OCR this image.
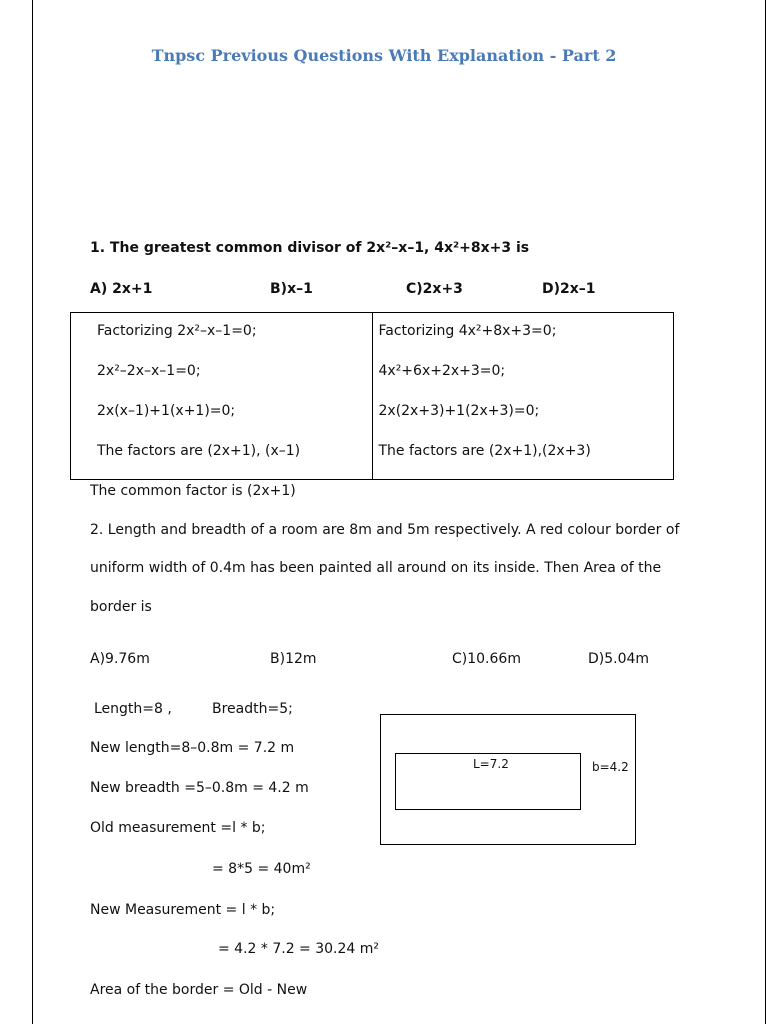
Tnpsc Previous Questions With Explanation - Part 2
1. The greatest common divisor of 2x²–x–1, 4x²+8x+3 is
A) 2x+1	B)x–1	C)2x+3	D)2x–1
Factorizing 2x²–x–1=0;
2x²–2x–x–1=0;
2x(x–1)+1(x+1)=0;
The factors are (2x+1), (x–1)

Factorizing 4x²+8x+3=0;
4x²+6x+2x+3=0;
2x(2x+3)+1(2x+3)=0;
The factors are (2x+1),(2x+3)
The common factor is (2x+1)
2. Length and breadth of a room are 8m and 5m respectively. A red colour border of
uniform width of 0.4m has been painted all around on its inside. Then Area of the
border is
A)9.76m	B)12m	C)10.66m	D)5.04m
Length=8 ,	Breadth=5;
New length=8–0.8m = 7.2 m
New breadth =5–0.8m = 4.2 m
Old measurement =l * b;
= 8*5 = 40m²
New Measurement = l * b;
= 4.2 * 7.2 = 30.24 m²
Area of the border = Old - New
L=7.2	b=4.2
